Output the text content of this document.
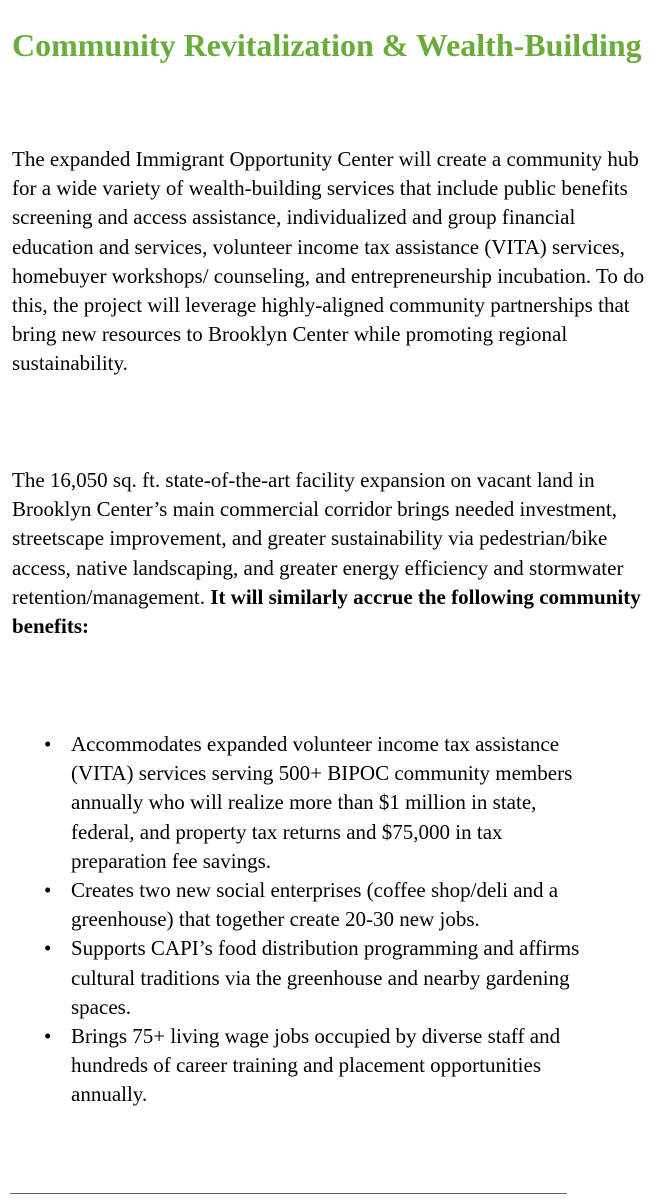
Community Revitalization & Wealth-Building

The expanded Immigrant Opportunity Center will create a community hub for a wide variety of wealth-building services that include public benefits screening and access assistance, individualized and group financial education and services, volunteer income tax assistance (VITA) services, homebuyer workshops/ counseling, and entrepreneurship incubation. To do this, the project will leverage highly-aligned community partnerships that bring new resources to Brooklyn Center while promoting regional sustainability.

The 16,050 sq. ft. state-of-the-art facility expansion on vacant land in Brooklyn Center’s main commercial corridor brings needed investment, streetscape improvement, and greater sustainability via pedestrian/bike access, native landscaping, and greater energy efficiency and stormwater retention/management. It will similarly accrue the following community benefits:

• Accommodates expanded volunteer income tax assistance (VITA) services serving 500+ BIPOC community members annually who will realize more than $1 million in state, federal, and property tax returns and $75,000 in tax preparation fee savings.
• Creates two new social enterprises (coffee shop/deli and a greenhouse) that together create 20-30 new jobs.
• Supports CAPI’s food distribution programming and affirms cultural traditions via the greenhouse and nearby gardening spaces.
• Brings 75+ living wage jobs occupied by diverse staff and hundreds of career training and placement opportunities annually.
